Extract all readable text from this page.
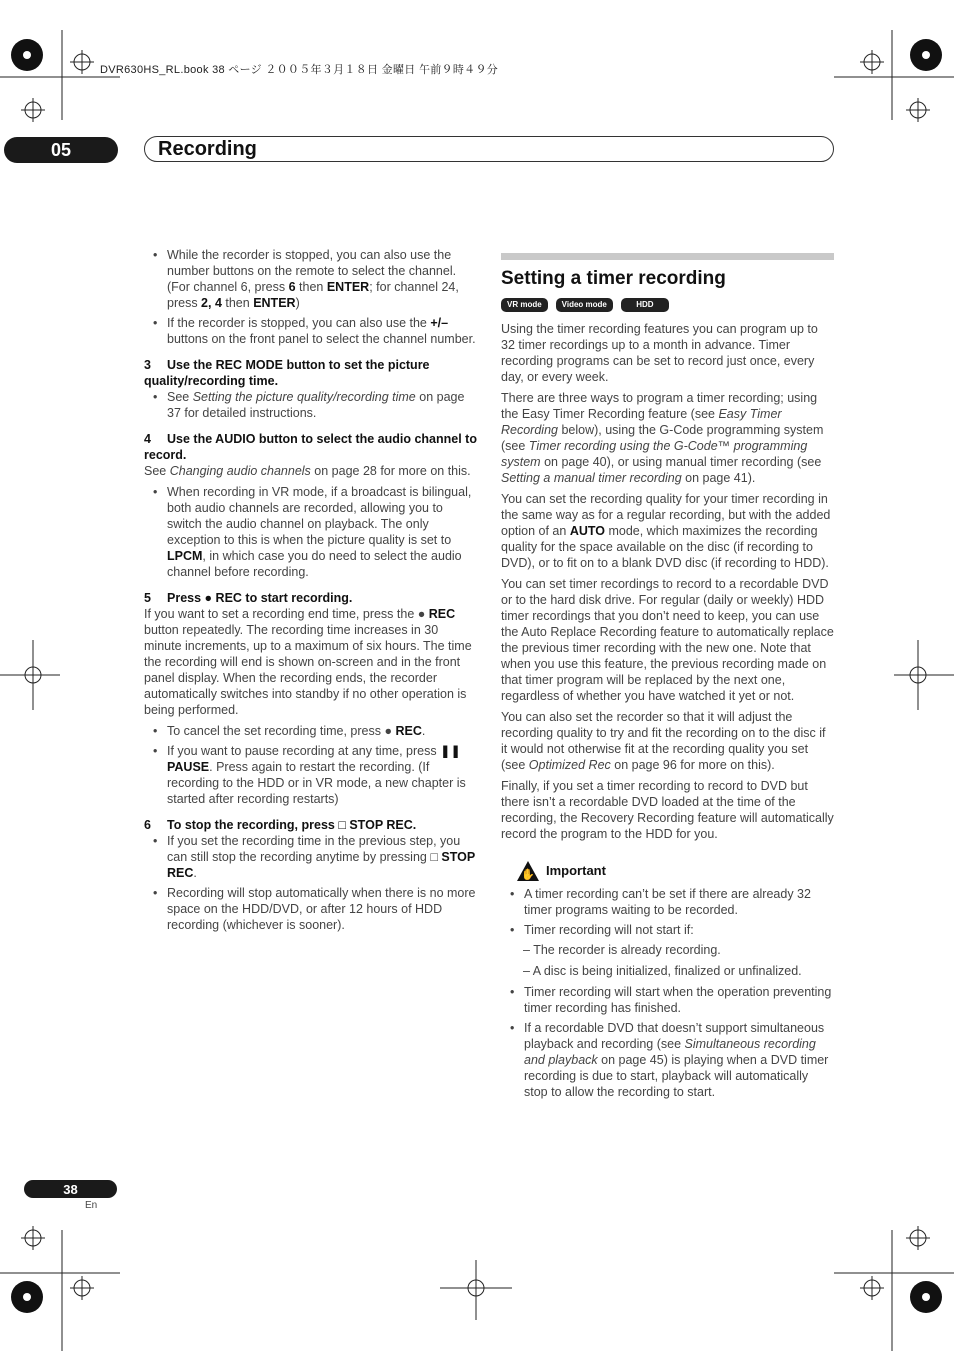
DVR630HS_RL.book 38 ページ ２００５年３月１８日 金曜日 午前９時４９分
05	Recording

• While the recorder is stopped, you can also use the number buttons on the remote to select the channel. (For channel 6, press 6 then ENTER; for channel 24, press 2, 4 then ENTER)

• If the recorder is stopped, you can also use the +/– buttons on the front panel to select the channel number.

3 Use the REC MODE button to set the picture quality/recording time.

• See Setting the picture quality/recording time on page 37 for detailed instructions.

4 Use the AUDIO button to select the audio channel to record.

See Changing audio channels on page 28 for more on this.

• When recording in VR mode, if a broadcast is bilingual, both audio channels are recorded, allowing you to switch the audio channel on playback. The only exception to this is when the picture quality is set to LPCM, in which case you do need to select the audio channel before recording.

5 Press ● REC to start recording.

If you want to set a recording end time, press the ● REC button repeatedly. The recording time increases in 30 minute increments, up to a maximum of six hours. The time the recording will end is shown on-screen and in the front panel display. When the recording ends, the recorder automatically switches into standby if no other operation is being performed.

• To cancel the set recording time, press ● REC.

• If you want to pause recording at any time, press ❚❚ PAUSE. Press again to restart the recording. (If recording to the HDD or in VR mode, a new chapter is started after recording restarts)

6 To stop the recording, press □ STOP REC.

• If you set the recording time in the previous step, you can still stop the recording anytime by pressing □ STOP REC.

• Recording will stop automatically when there is no more space on the HDD/DVD, or after 12 hours of HDD recording (whichever is sooner).

Setting a timer recording
VR mode	Video mode	HDD

Using the timer recording features you can program up to 32 timer recordings up to a month in advance. Timer recording programs can be set to record just once, every day, or every week.

There are three ways to program a timer recording; using the Easy Timer Recording feature (see Easy Timer Recording below), using the G-Code programming system (see Timer recording using the G-Code™ programming system on page 40), or using manual timer recording (see Setting a manual timer recording on page 41).

You can set the recording quality for your timer recording in the same way as for a regular recording, but with the added option of an AUTO mode, which maximizes the recording quality for the space available on the disc (if recording to DVD), or to fit on to a blank DVD disc (if recording to HDD).

You can set timer recordings to record to a recordable DVD or to the hard disk drive. For regular (daily or weekly) HDD timer recordings that you don’t need to keep, you can use the Auto Replace Recording feature to automatically replace the previous timer recording with the new one. Note that when you use this feature, the previous recording made on that timer program will be replaced by the next one, regardless of whether you have watched it yet or not.

You can also set the recorder so that it will adjust the recording quality to try and fit the recording on to the disc if it would not otherwise fit at the recording quality you set (see Optimized Rec on page 96 for more on this).

Finally, if you set a timer recording to record to DVD but there isn’t a recordable DVD loaded at the time of the recording, the Recovery Recording feature will automatically record the program to the HDD for you.

✋ Important

• A timer recording can’t be set if there are already 32 timer programs waiting to be recorded.

• Timer recording will not start if:

– The recorder is already recording.

– A disc is being initialized, finalized or unfinalized.

• Timer recording will start when the operation preventing timer recording has finished.

• If a recordable DVD that doesn’t support simultaneous playback and recording (see Simultaneous recording and playback on page 45) is playing when a DVD timer recording is due to start, playback will automatically stop to allow the recording to start.

38
En
